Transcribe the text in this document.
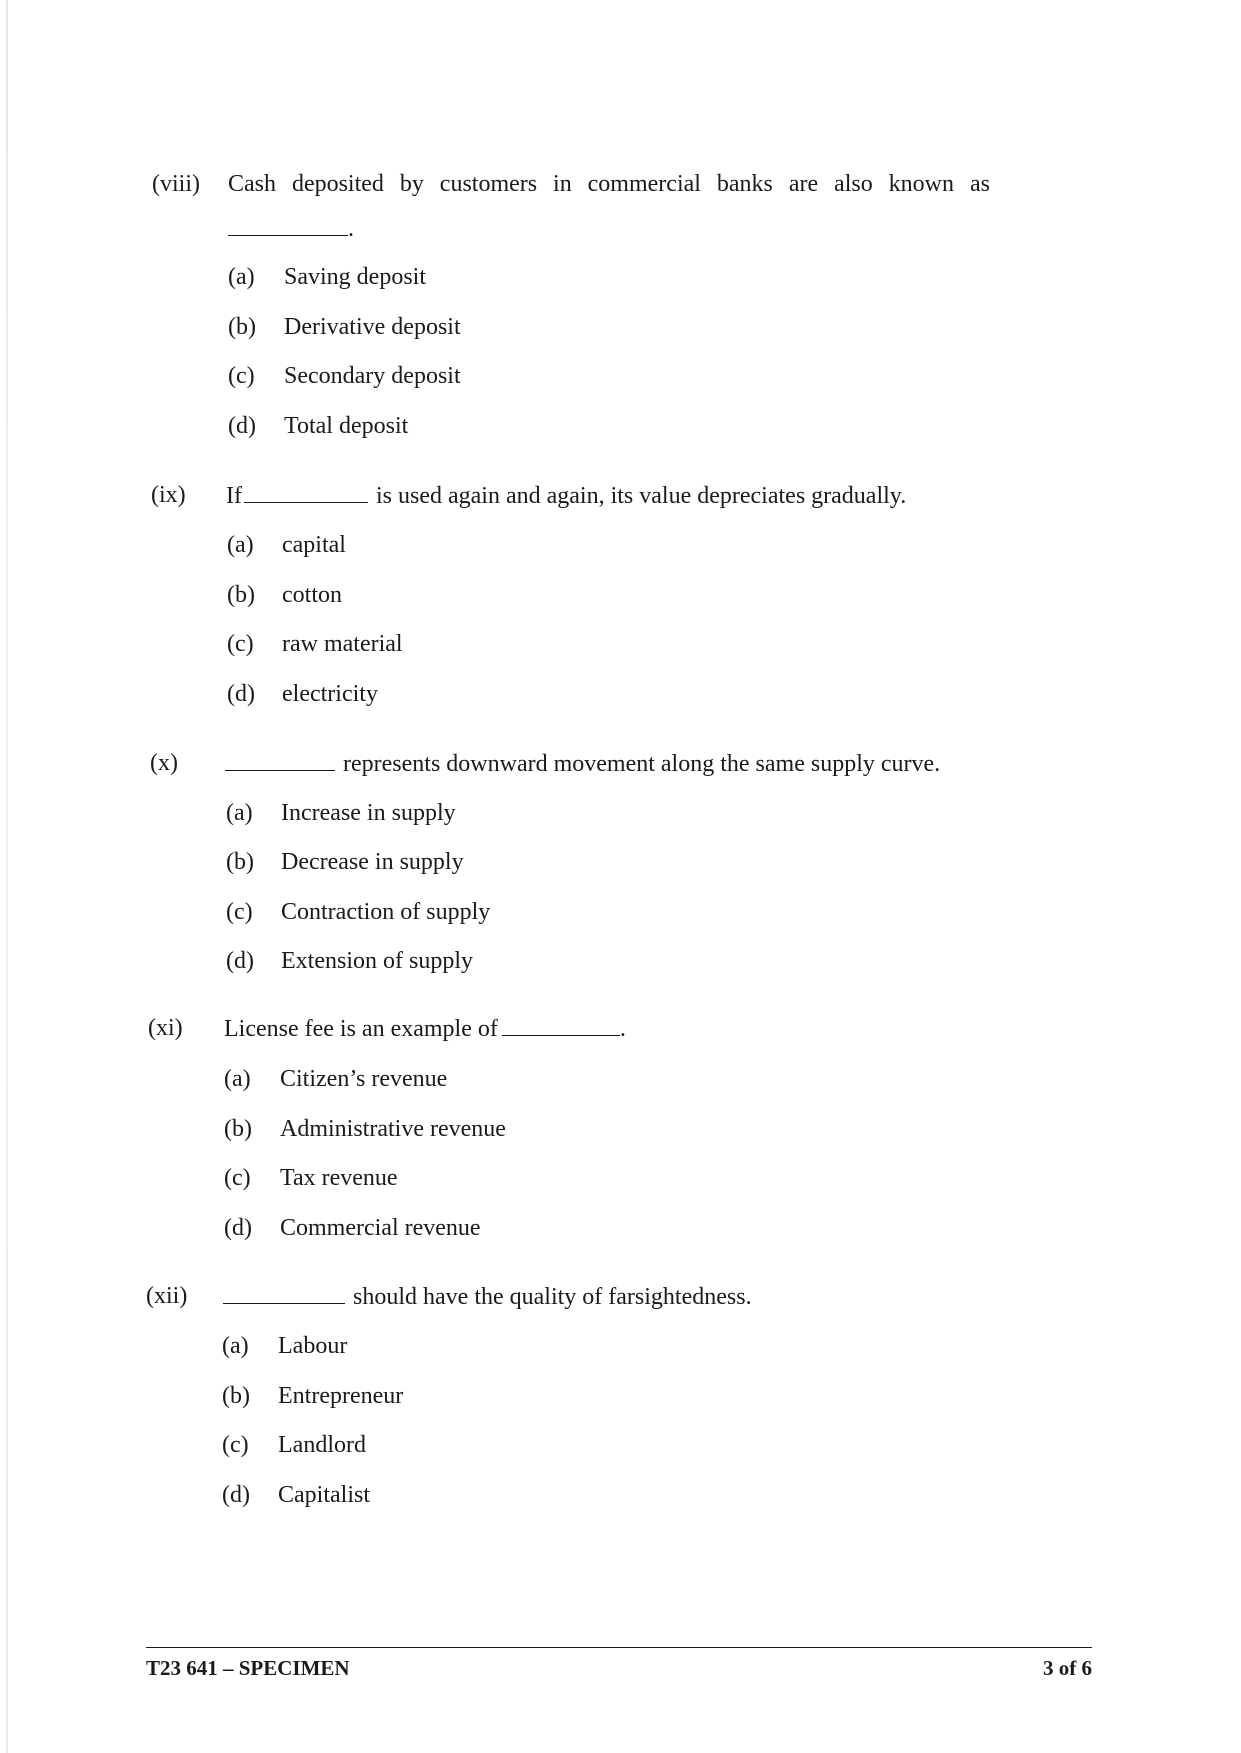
(viii) Cash deposited by customers in commercial banks are also known as
.
(a) Saving deposit
(b) Derivative deposit
(c) Secondary deposit
(d) Total deposit
(ix) If	is used again and again, its value depreciates gradually.
(a) capital
(b) cotton
(c) raw material
(d) electricity
(x)	represents downward movement along the same supply curve.
(a) Increase in supply
(b) Decrease in supply
(c) Contraction of supply
(d) Extension of supply
(xi) License fee is an example of	.
(a) Citizen’s revenue
(b) Administrative revenue
(c) Tax revenue
(d) Commercial revenue
(xii)	should have the quality of farsightedness.
(a) Labour
(b) Entrepreneur
(c) Landlord
(d) Capitalist
T23 641 – SPECIMEN	3 of 6
